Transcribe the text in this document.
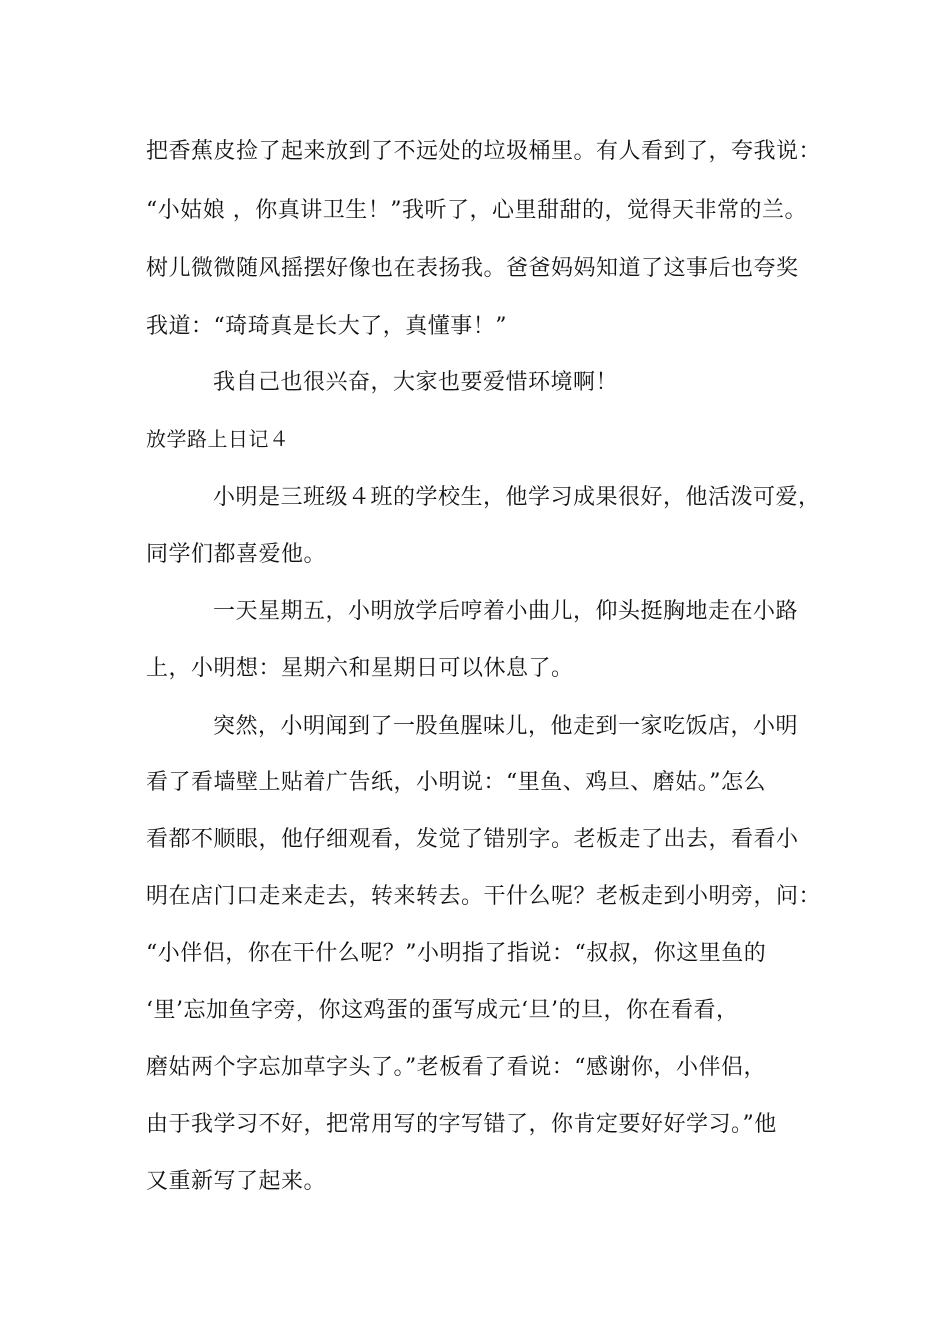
把香蕉皮捡了起来放到了不远处的垃圾桶里。有人看到了，夸我说：
“小姑娘 ，你真讲卫生！”我听了，心里甜甜的，觉得天非常的兰。
树儿微微随风摇摆好像也在表扬我。爸爸妈妈知道了这事后也夸奖
我道：“琦琦真是长大了，真懂事！”
我自己也很兴奋，大家也要爱惜环境啊！
放学路上日记４
小明是三班级４班的学校生，他学习成果很好，他活泼可爱，
同学们都喜爱他。
一天星期五，小明放学后哼着小曲儿，仰头挺胸地走在小路
上，小明想：星期六和星期日可以休息了。
突然，小明闻到了一股鱼腥味儿，他走到一家吃饭店，小明
看了看墙壁上贴着广告纸，小明说：“里鱼、鸡旦、磨姑。”怎么
看都不顺眼，他仔细观看，发觉了错别字。老板走了出去，看看小
明在店门口走来走去，转来转去。干什么呢？老板走到小明旁，问：
“小伴侣，你在干什么呢？”小明指了指说：“叔叔，你这里鱼的
‘里’忘加鱼字旁，你这鸡蛋的蛋写成元‘旦’的旦，你在看看，
磨姑两个字忘加草字头了。”老板看了看说：“感谢你，小伴侣，
由于我学习不好，把常用写的字写错了，你肯定要好好学习。”他
又重新写了起来。
